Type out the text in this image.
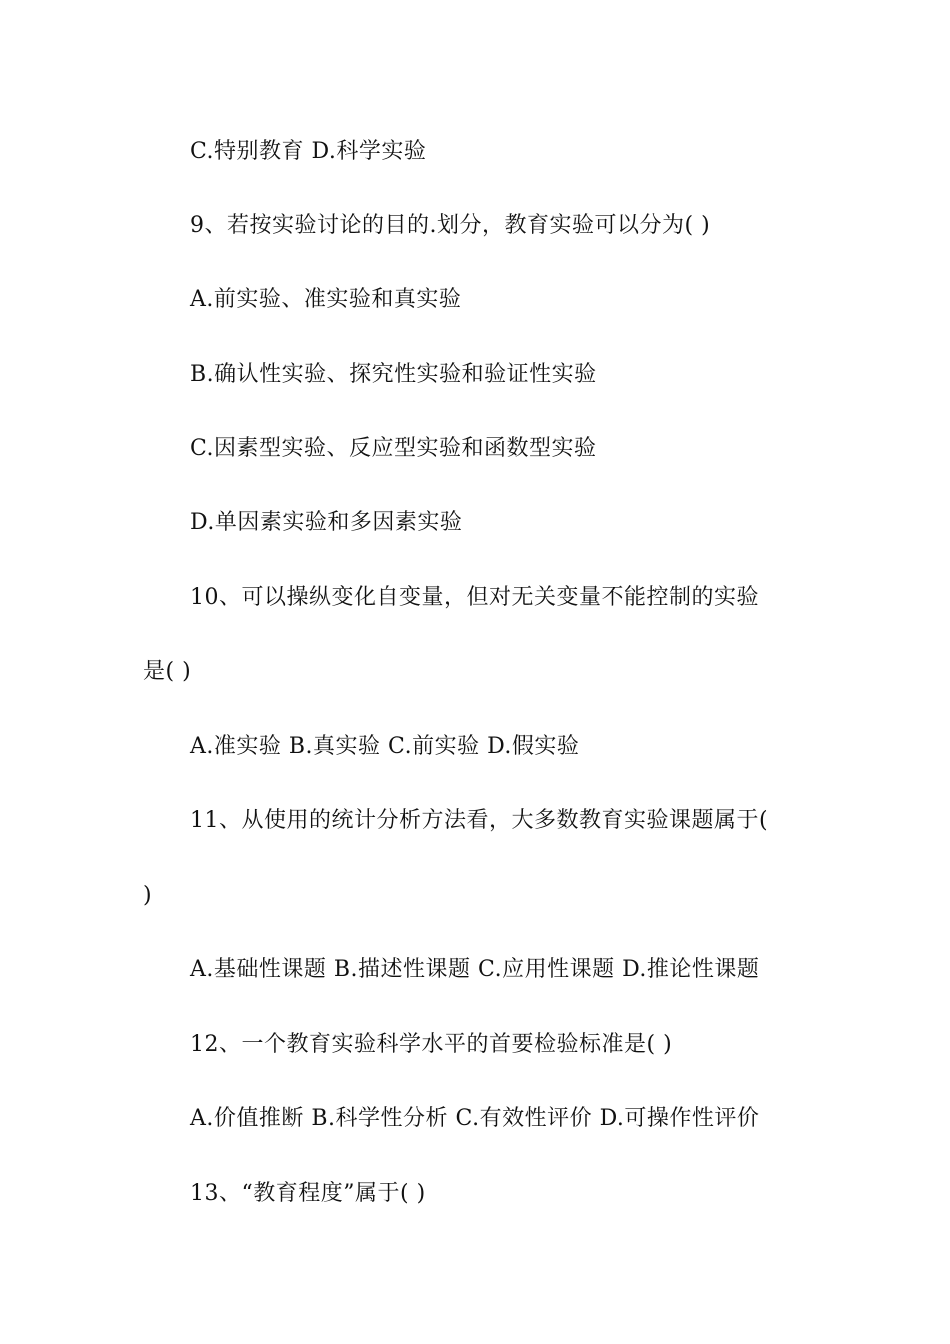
C.特别教育 D.科学实验
9、若按实验讨论的目的.划分，教育实验可以分为( )
A.前实验、准实验和真实验
B.确认性实验、探究性实验和验证性实验
C.因素型实验、反应型实验和函数型实验
D.单因素实验和多因素实验
10、可以操纵变化自变量，但对无关变量不能控制的实验
是( )
A.准实验 B.真实验 C.前实验 D.假实验
11、从使用的统计分析方法看，大多数教育实验课题属于(
)
A.基础性课题 B.描述性课题 C.应用性课题 D.推论性课题
12、一个教育实验科学水平的首要检验标准是( )
A.价值推断 B.科学性分析 C.有效性评价 D.可操作性评价
13、“教育程度”属于( )
